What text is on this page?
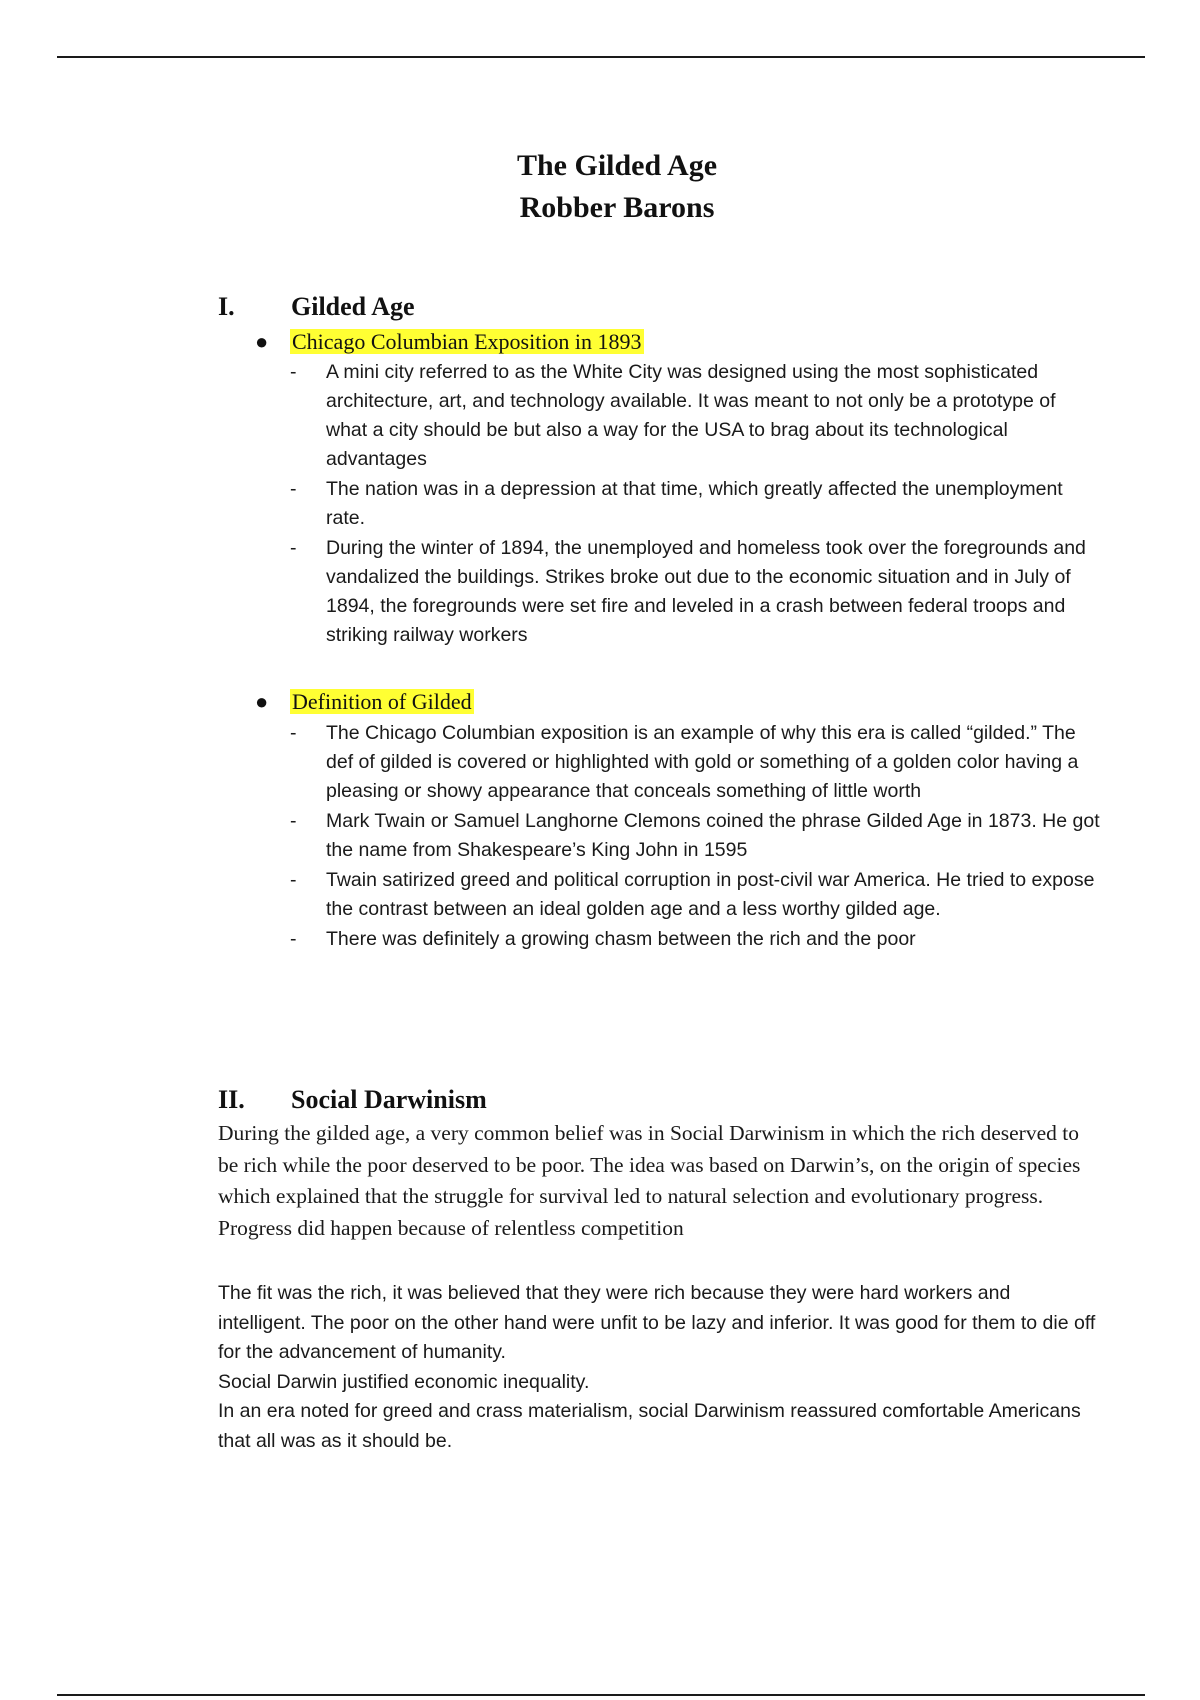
The Gilded Age
Robber Barons
I. Gilded Age
● Chicago Columbian Exposition in 1893
- A mini city referred to as the White City was designed using the most sophisticated architecture, art, and technology available. It was meant to not only be a prototype of what a city should be but also a way for the USA to brag about its technological advantages
- The nation was in a depression at that time, which greatly affected the unemployment rate.
- During the winter of 1894, the unemployed and homeless took over the foregrounds and vandalized the buildings. Strikes broke out due to the economic situation and in July of 1894, the foregrounds were set fire and leveled in a crash between federal troops and striking railway workers
● Definition of Gilded
- The Chicago Columbian exposition is an example of why this era is called “gilded.” The def of gilded is covered or highlighted with gold or something of a golden color having a pleasing or showy appearance that conceals something of little worth
- Mark Twain or Samuel Langhorne Clemons coined the phrase Gilded Age in 1873. He got the name from Shakespeare’s King John in 1595
- Twain satirized greed and political corruption in post-civil war America. He tried to expose the contrast between an ideal golden age and a less worthy gilded age.
- There was definitely a growing chasm between the rich and the poor
II. Social Darwinism
During the gilded age, a very common belief was in Social Darwinism in which the rich deserved to be rich while the poor deserved to be poor. The idea was based on Darwin’s, on the origin of species which explained that the struggle for survival led to natural selection and evolutionary progress. Progress did happen because of relentless competition

The fit was the rich, it was believed that they were rich because they were hard workers and intelligent. The poor on the other hand were unfit to be lazy and inferior. It was good for them to die off for the advancement of humanity.

Social Darwin justified economic inequality.

In an era noted for greed and crass materialism, social Darwinism reassured comfortable Americans that all was as it should be.
